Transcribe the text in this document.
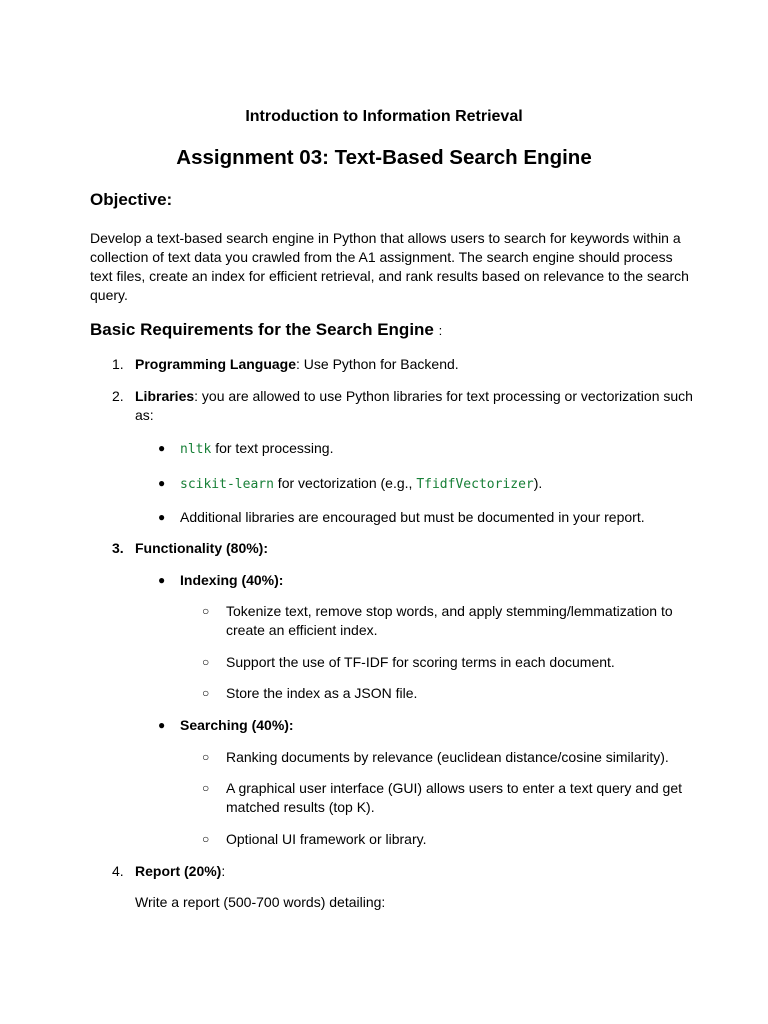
Introduction to Information Retrieval
Assignment 03: Text-Based Search Engine
Objective:
Develop a text-based search engine in Python that allows users to search for keywords within a collection of text data you crawled from the A1 assignment. The search engine should process text files, create an index for efficient retrieval, and rank results based on relevance to the search query.
Basic Requirements for the Search Engine :
1. Programming Language: Use Python for Backend.
2. Libraries: you are allowed to use Python libraries for text processing or vectorization such as:
● nltk for text processing.
● scikit-learn for vectorization (e.g., TfidfVectorizer).
● Additional libraries are encouraged but must be documented in your report.
3. Functionality (80%):
● Indexing (40%):
○ Tokenize text, remove stop words, and apply stemming/lemmatization to create an efficient index.
○ Support the use of TF-IDF for scoring terms in each document.
○ Store the index as a JSON file.
● Searching (40%):
○ Ranking documents by relevance (euclidean distance/cosine similarity).
○ A graphical user interface (GUI) allows users to enter a text query and get matched results (top K).
○ Optional UI framework or library.
4. Report (20%):
Write a report (500-700 words) detailing:
